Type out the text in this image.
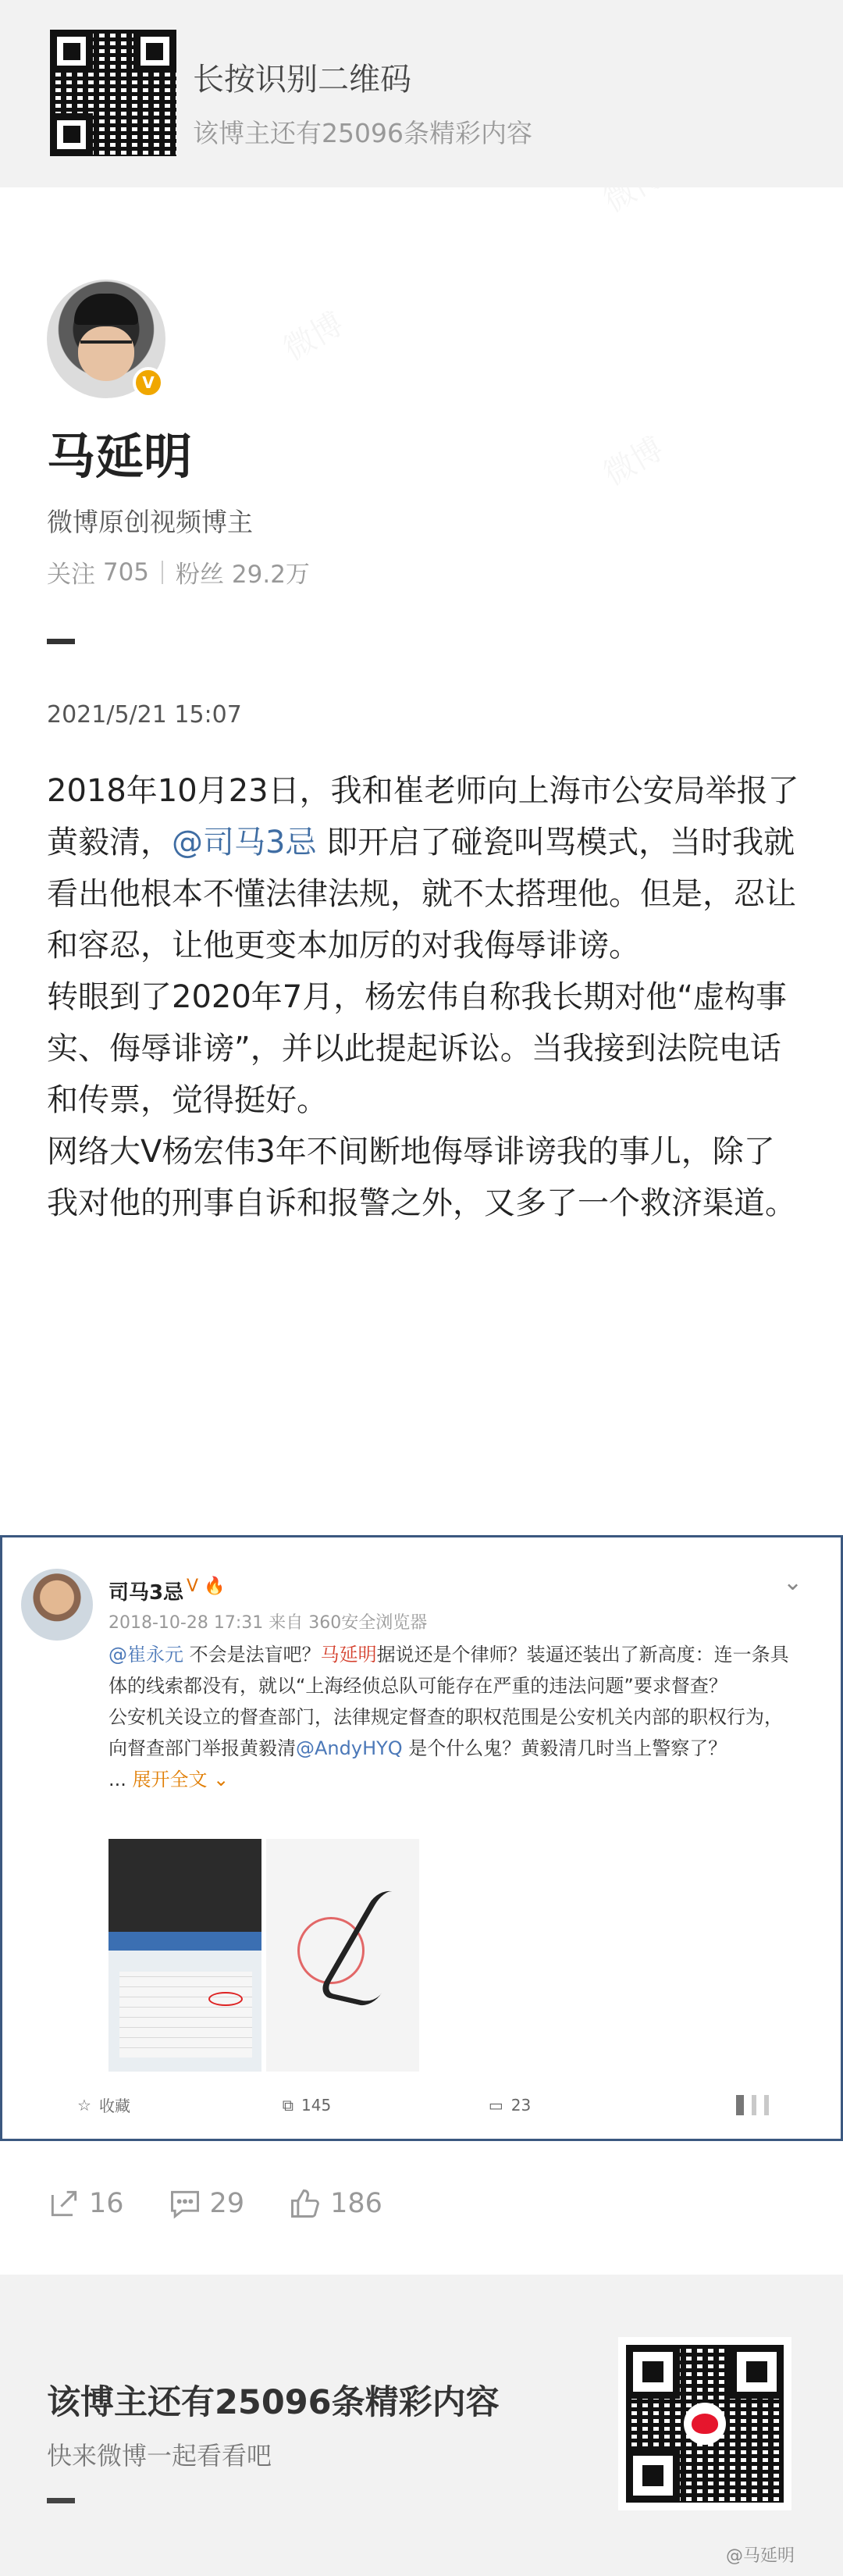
长按识别二维码
该博主还有25096条精彩内容
V
马延明
微博原创视频博主
关注
705 粉丝
29.2万
2021/5/21 15:07

2018年10月23日，我和崔老师向上海市公安局举报了黄毅清，@司马3忌 即开启了碰瓷叫骂模式，当时我就看出他根本不懂法律法规，就不太搭理他。但是，忍让和容忍，让他更变本加厉的对我侮辱诽谤。

转眼到了2020年7月，杨宏伟自称我长期对他“虚构事实、侮辱诽谤”，并以此提起诉讼。当我接到法院电话和传票，觉得挺好。

网络大V杨宏伟3年不间断地侮辱诽谤我的事儿，除了我对他的刑事自诉和报警之外，又多了一个救济渠道。

司马3忌 V 🔥	⌄
2018-10-28 17:31 来自 360安全浏览器
@崔永元 不会是法盲吧？马延明据说还是个律师？装逼还装出了新高度：连一条具体的线索都没有，就以“上海经侦总队可能存在严重的违法问题”要求督查？
公安机关设立的督查部门，法律规定督查的职权范围是公安机关内部的职权行为，向督查部门举报黄毅清@AndyHYQ 是个什么鬼？黄毅清几时当上警察了？
... 展开全文 ⌄
☆ 收藏	⧉ 145	▭ 23
16	29	186
该博主还有25096条精彩内容
快来微博一起看看吧
@马延明
